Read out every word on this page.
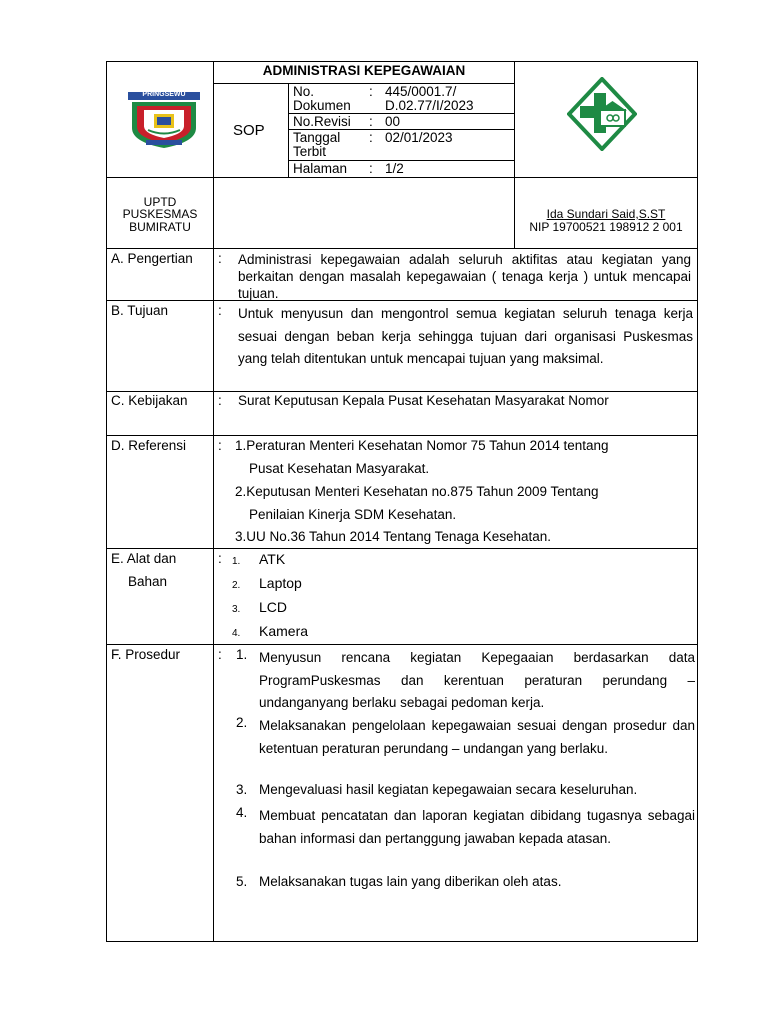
PRINGSEWU
ADMINISTRASI KEPEGAWAIAN
SOP
No.
Dokumen
: 445/0001.7/
D.02.77/I/2023
No.Revisi : 00
Tanggal
Terbit
: 02/01/2023
Halaman : 1/2
UPTD
PUSKESMAS
BUMIRATU
Ida Sundari Said,S.ST
NIP 19700521 198912 2 001
A. Pengertian : Administrasi kepegawaian adalah seluruh aktifitas atau kegiatan yang berkaitan dengan masalah kepegawaian ( tenaga kerja ) untuk mencapai tujuan.
B. Tujuan	: Untuk menyusun dan mengontrol semua kegiatan seluruh tenaga kerja sesuai dengan beban kerja sehingga tujuan dari organisasi Puskesmas yang telah ditentukan untuk mencapai tujuan yang maksimal.
C. Kebijakan : Surat Keputusan Kepala Pusat Kesehatan Masyarakat Nomor
D. Referensi : 1.Peraturan Menteri Kesehatan Nomor 75 Tahun 2014 tentang
Pusat Kesehatan Masyarakat.
2.Keputusan Menteri Kesehatan no.875 Tahun 2009 Tentang
Penilaian Kinerja SDM Kesehatan.
3.UU No.36 Tahun 2014 Tentang Tenaga Kesehatan.
E. Alat dan
Bahan
: 1. ATK
2. Laptop
3. LCD
4. Kamera
F. Prosedur	: 1. Menyusun rencana kegiatan Kepegaaian berdasarkan data ProgramPuskesmas dan kerentuan peraturan perundang – undanganyang berlaku sebagai pedoman kerja.
2. Melaksanakan pengelolaan kepegawaian sesuai dengan prosedur dan ketentuan peraturan perundang – undangan yang berlaku.
3. Mengevaluasi hasil kegiatan kepegawaian secara keseluruhan.
4. Membuat pencatatan dan laporan kegiatan dibidang tugasnya sebagai bahan informasi dan pertanggung jawaban kepada atasan.
5. Melaksanakan tugas lain yang diberikan oleh atas.
